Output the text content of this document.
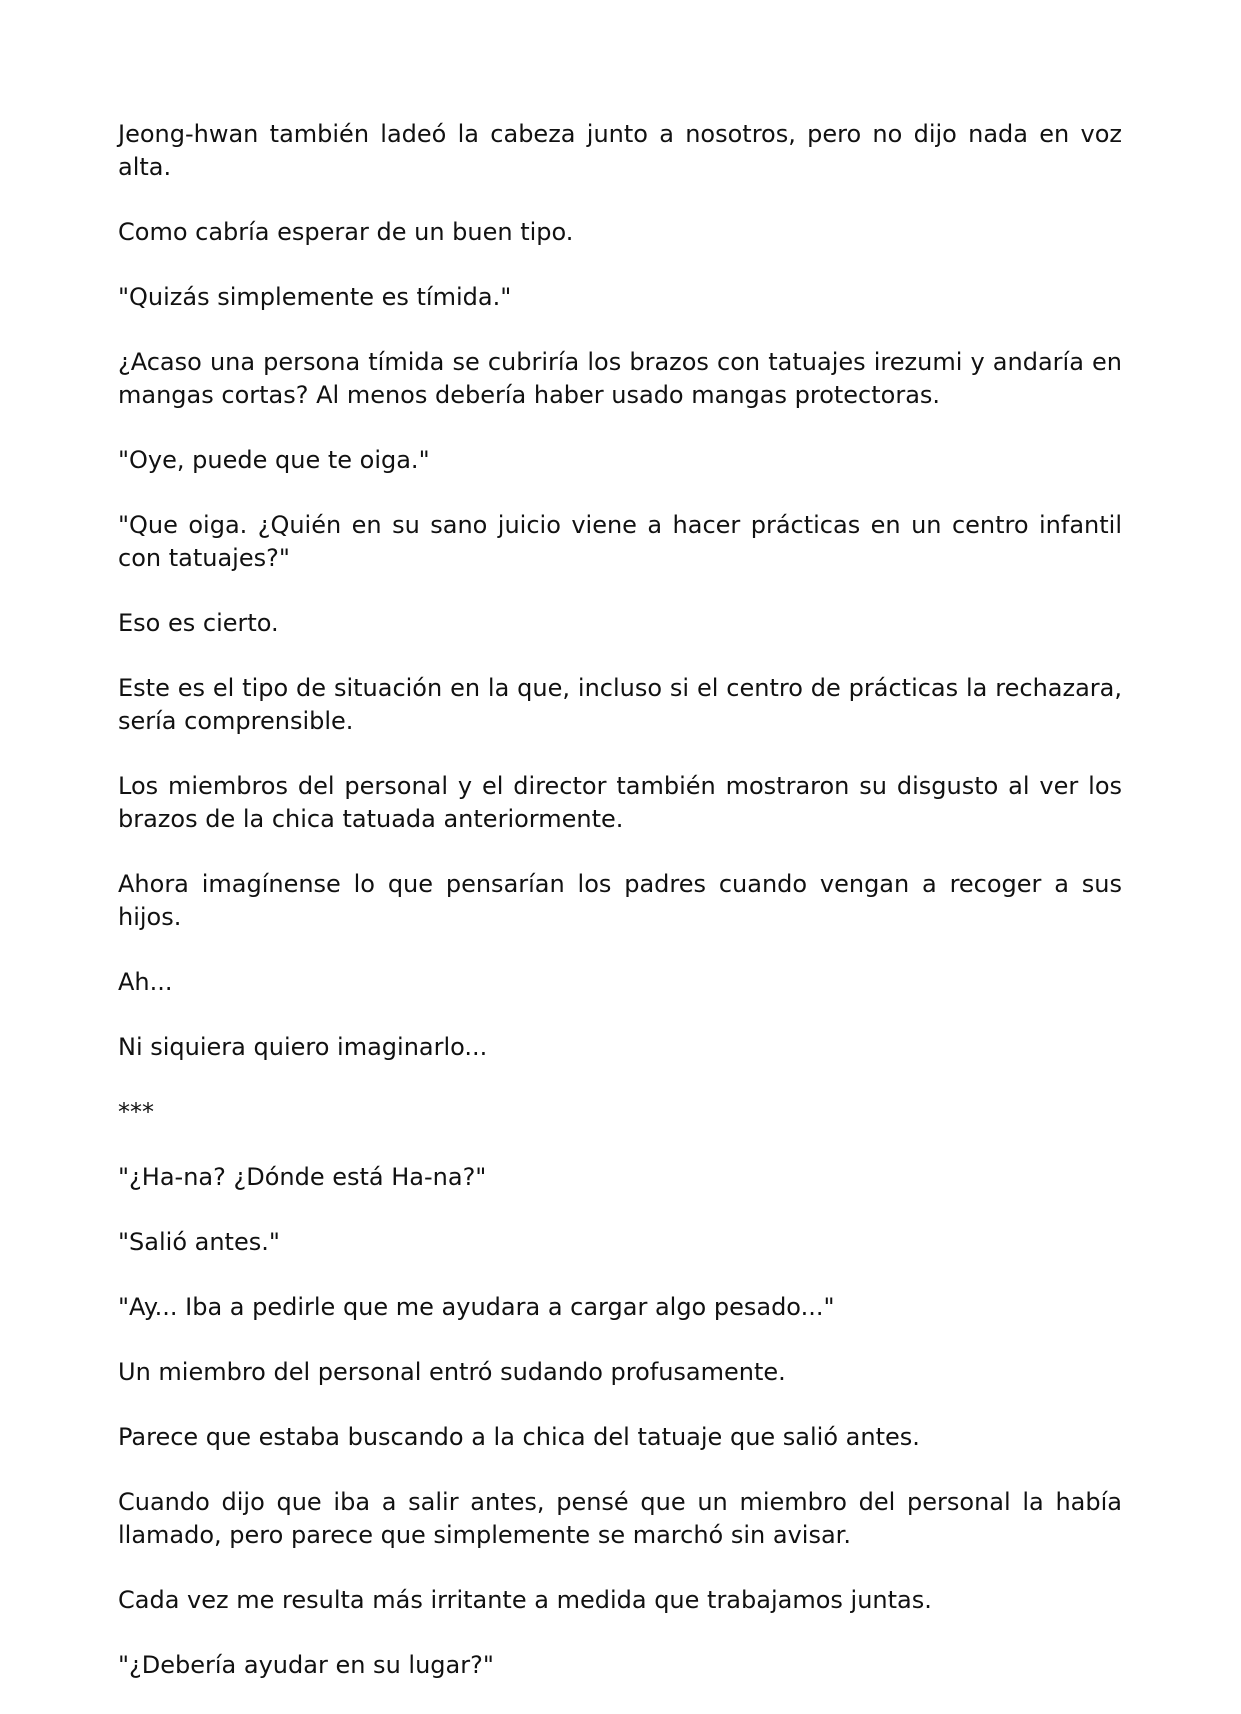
Jeong-hwan también ladeó la cabeza junto a nosotros, pero no dijo nada en voz alta.

Como cabría esperar de un buen tipo.

"Quizás simplemente es tímida."

¿Acaso una persona tímida se cubriría los brazos con tatuajes irezumi y andaría en mangas cortas? Al menos debería haber usado mangas protectoras.

"Oye, puede que te oiga."

"Que oiga. ¿Quién en su sano juicio viene a hacer prácticas en un centro infantil con tatuajes?"

Eso es cierto.

Este es el tipo de situación en la que, incluso si el centro de prácticas la rechazara, sería comprensible.

Los miembros del personal y el director también mostraron su disgusto al ver los brazos de la chica tatuada anteriormente.

Ahora imagínense lo que pensarían los padres cuando vengan a recoger a sus hijos.

Ah...

Ni siquiera quiero imaginarlo...

***

"¿Ha-na? ¿Dónde está Ha-na?"

"Salió antes."

"Ay... Iba a pedirle que me ayudara a cargar algo pesado..."

Un miembro del personal entró sudando profusamente.

Parece que estaba buscando a la chica del tatuaje que salió antes.

Cuando dijo que iba a salir antes, pensé que un miembro del personal la había llamado, pero parece que simplemente se marchó sin avisar.

Cada vez me resulta más irritante a medida que trabajamos juntas.

"¿Debería ayudar en su lugar?"
